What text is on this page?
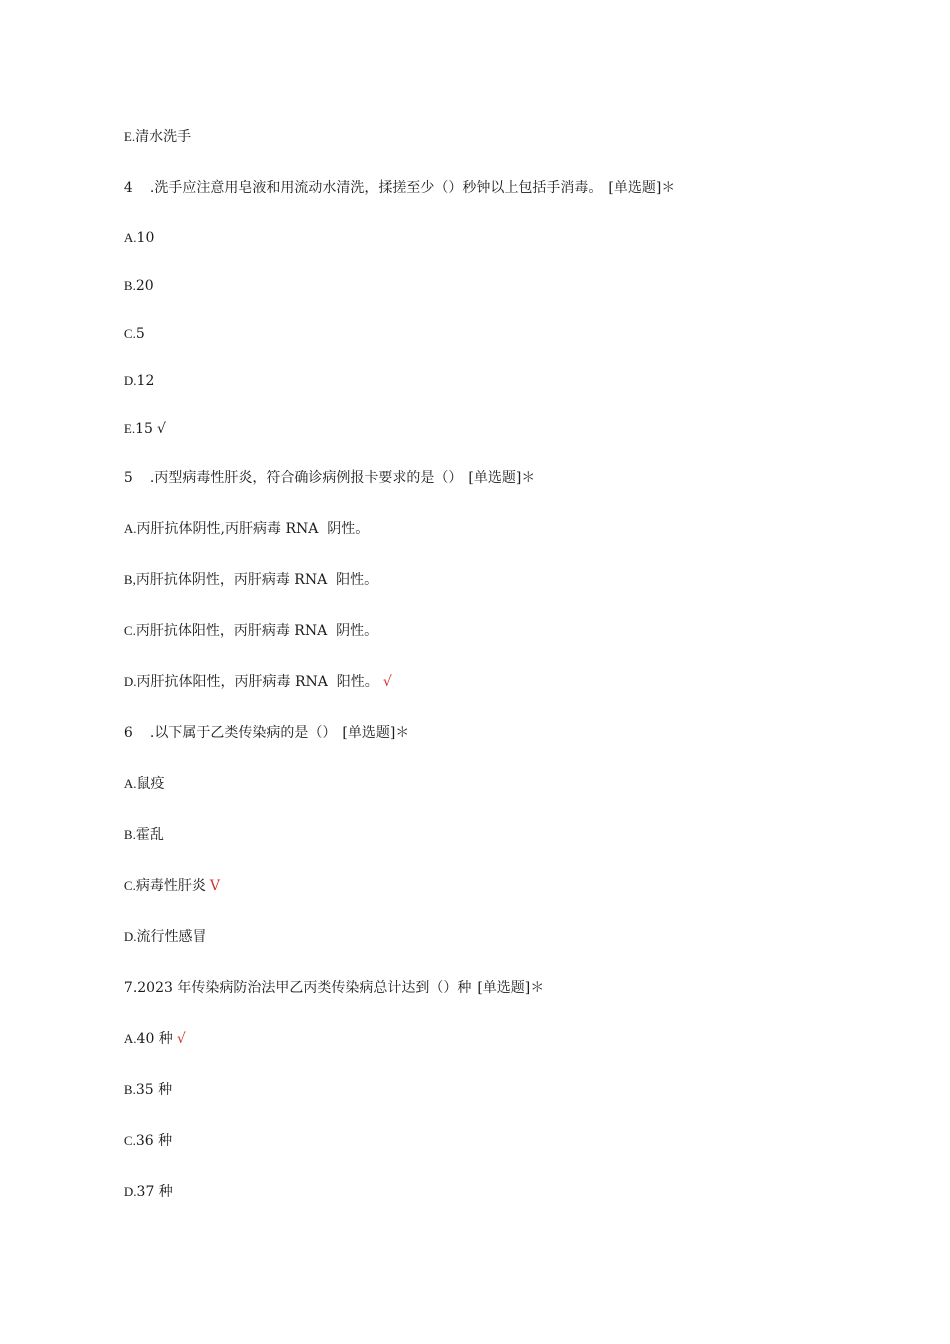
E.清水洗手

4 .洗手应注意用皂液和用流动水清洗，揉搓至少（）秒钟以上包括手消毒。 [单选题]＊

A.10

B.20

C.5

D.12

E.15 √

5 .丙型病毒性肝炎，符合确诊病例报卡要求的是（） [单选题]＊

A.丙肝抗体阴性,丙肝病毒 RNA  阴性。

B,丙肝抗体阴性，丙肝病毒 RNA  阳性。

C.丙肝抗体阳性，丙肝病毒 RNA  阴性。

D.丙肝抗体阳性，丙肝病毒 RNA  阳性。 √

6 .以下属于乙类传染病的是（） [单选题]＊

A.鼠疫

B.霍乱

C.病毒性肝炎 V

D.流行性感冒

7.2023 年传染病防治法甲乙丙类传染病总计达到（）种 [单选题]＊

A.40 种 √

B.35 种

C.36 种

D.37 种
